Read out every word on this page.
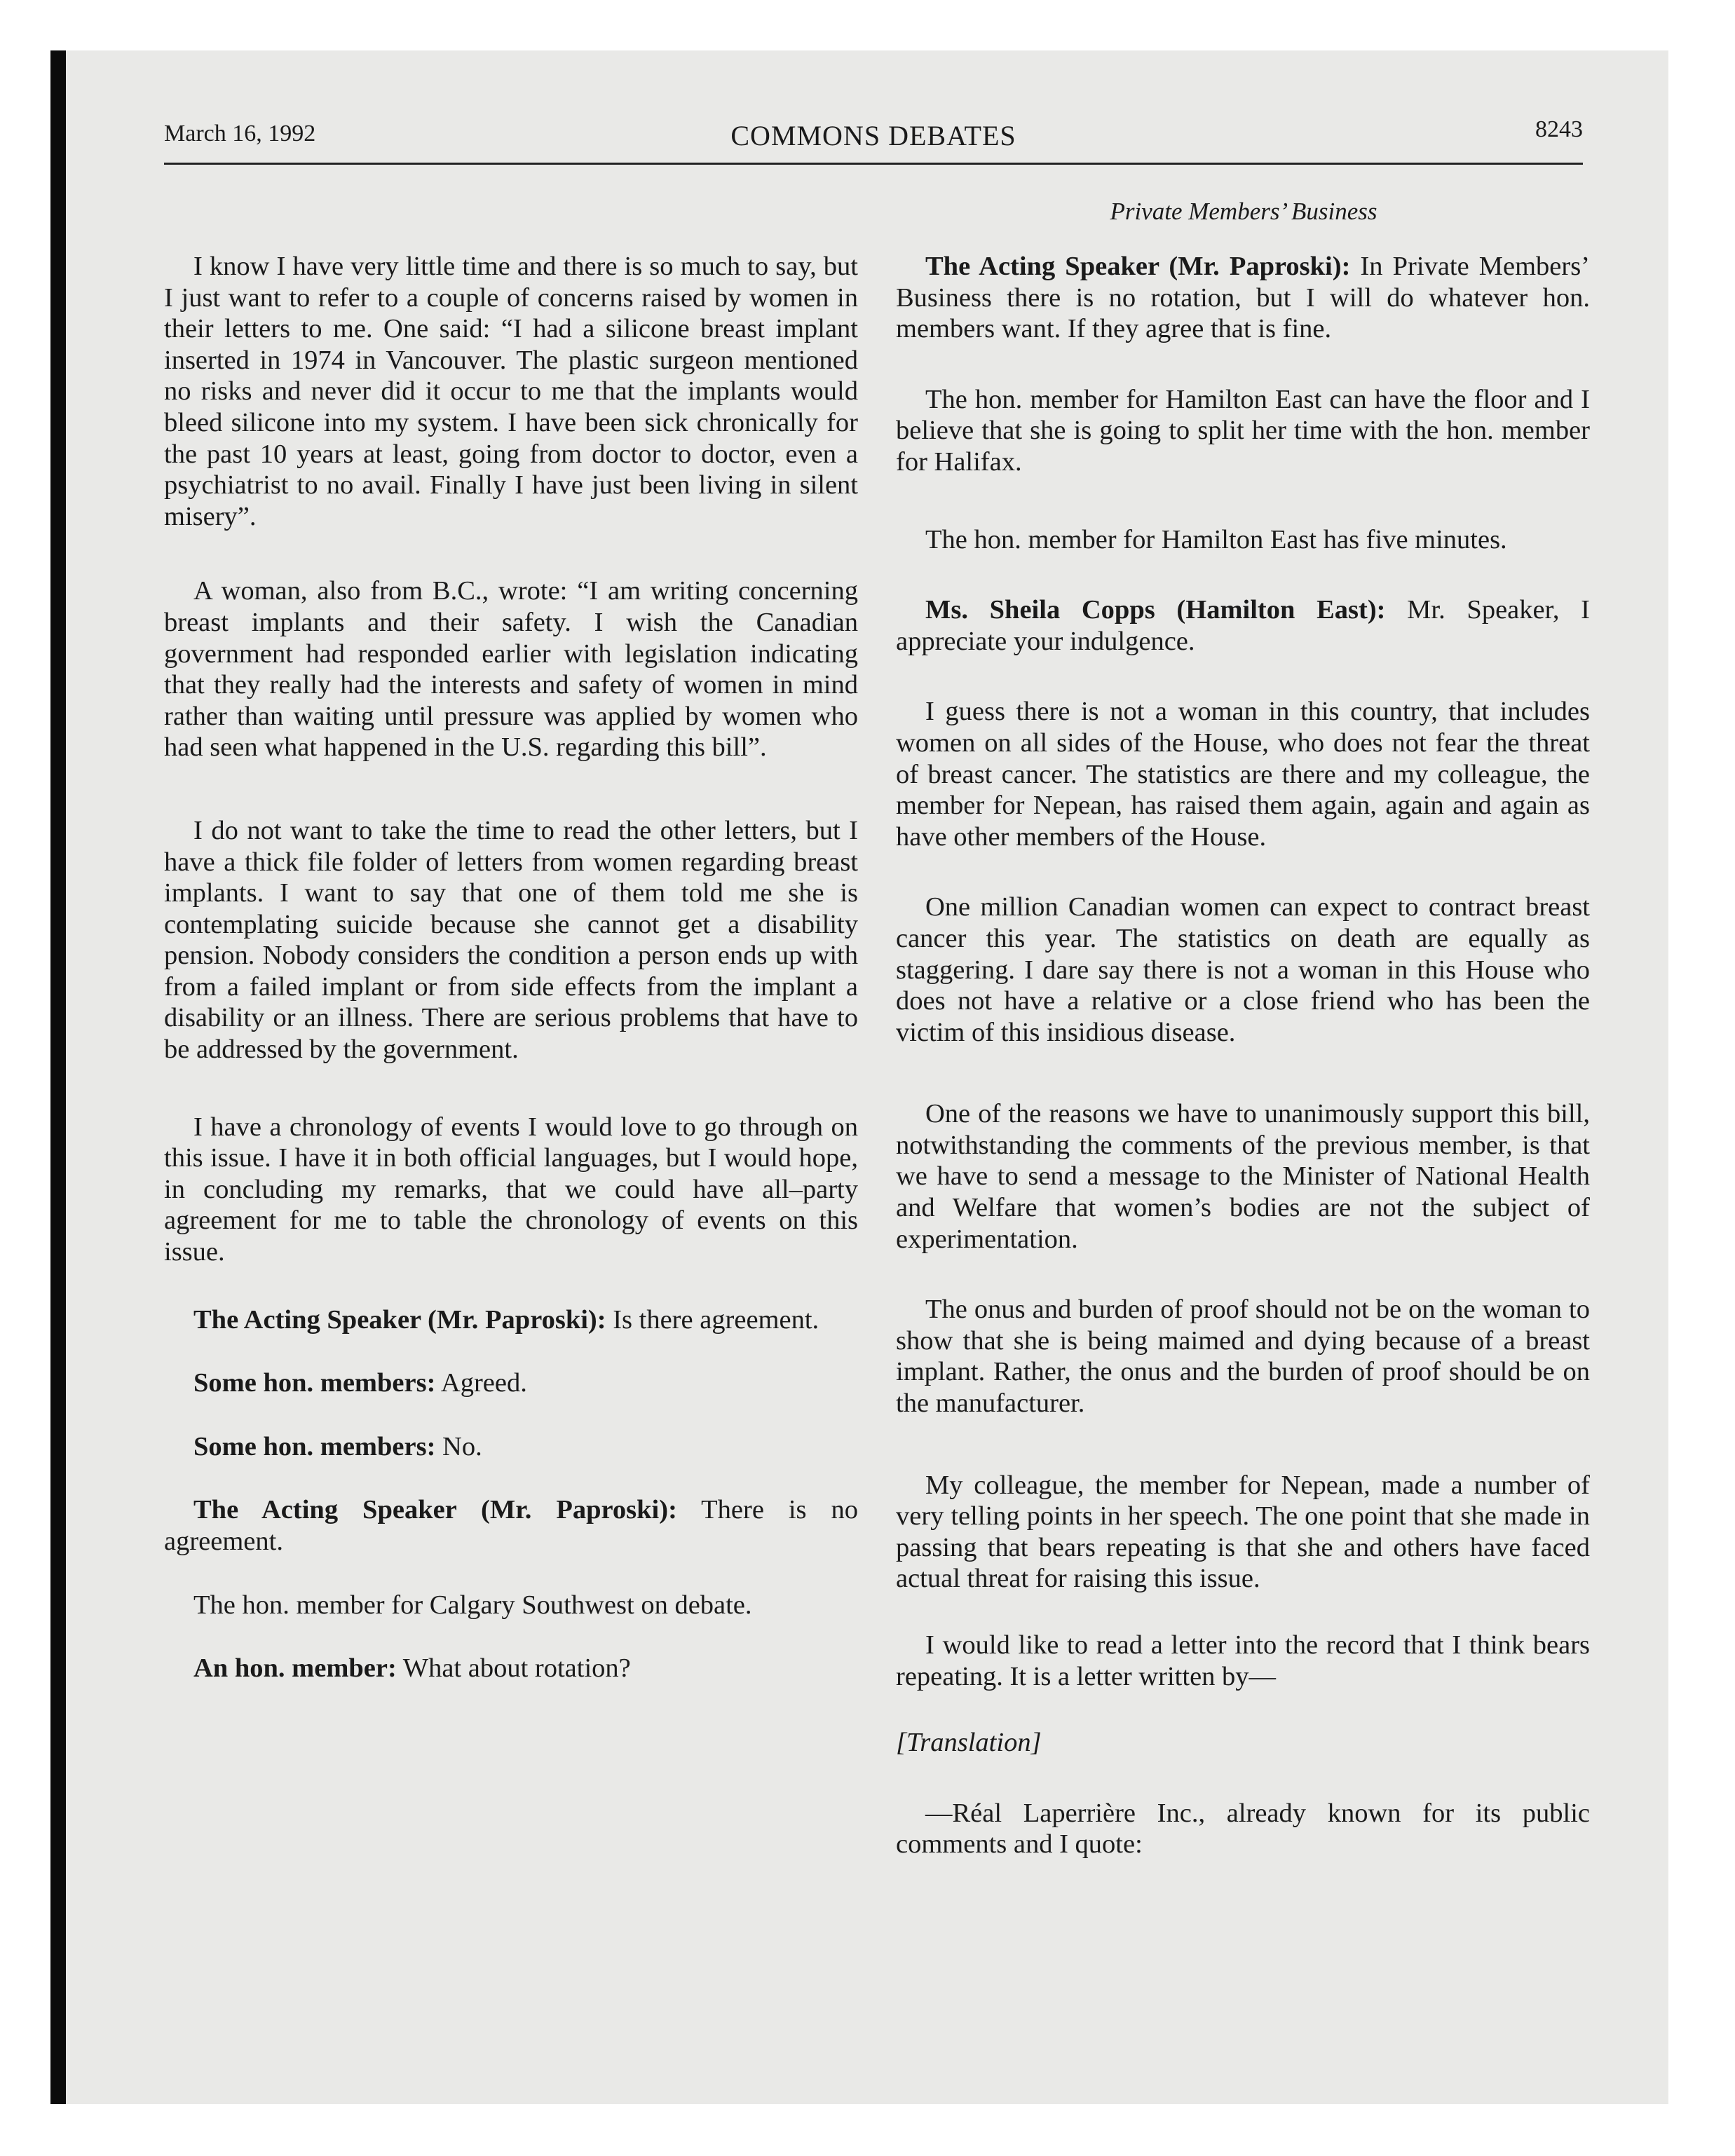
March 16, 1992	COMMONS DEBATES	8243
Private Members’ Business

I know I have very little time and there is so much to say, but I just want to refer to a couple of concerns raised by women in their letters to me. One said: “I had a silicone breast implant inserted in 1974 in Vancouver. The plastic surgeon mentioned no risks and never did it occur to me that the implants would bleed silicone into my system. I have been sick chronically for the past 10 years at least, going from doctor to doctor, even a psychiatrist to no avail. Finally I have just been living in silent misery”.

A woman, also from B.C., wrote: “I am writing concerning breast implants and their safety. I wish the Canadian government had responded earlier with legislation indicating that they really had the interests and safety of women in mind rather than waiting until pressure was applied by women who had seen what happened in the U.S. regarding this bill”.

I do not want to take the time to read the other letters, but I have a thick file folder of letters from women regarding breast implants. I want to say that one of them told me she is contemplating suicide because she cannot get a disability pension. Nobody considers the condition a person ends up with from a failed implant or from side effects from the implant a disability or an illness. There are serious problems that have to be addressed by the government.

I have a chronology of events I would love to go through on this issue. I have it in both official languages, but I would hope, in concluding my remarks, that we could have all–party agreement for me to table the chronology of events on this issue.

The Acting Speaker (Mr. Paproski): Is there agreement.

Some hon. members: Agreed.

Some hon. members: No.

The Acting Speaker (Mr. Paproski): There is no agreement.

The hon. member for Calgary Southwest on debate.

An hon. member: What about rotation?

The Acting Speaker (Mr. Paproski): In Private Members’ Business there is no rotation, but I will do whatever hon. members want. If they agree that is fine.

The hon. member for Hamilton East can have the floor and I believe that she is going to split her time with the hon. member for Halifax.

The hon. member for Hamilton East has five minutes.

Ms. Sheila Copps (Hamilton East): Mr. Speaker, I appreciate your indulgence.

I guess there is not a woman in this country, that includes women on all sides of the House, who does not fear the threat of breast cancer. The statistics are there and my colleague, the member for Nepean, has raised them again, again and again as have other members of the House.

One million Canadian women can expect to contract breast cancer this year. The statistics on death are equally as staggering. I dare say there is not a woman in this House who does not have a relative or a close friend who has been the victim of this insidious disease.

One of the reasons we have to unanimously support this bill, notwithstanding the comments of the previous member, is that we have to send a message to the Minister of National Health and Welfare that women’s bodies are not the subject of experimentation.

The onus and burden of proof should not be on the woman to show that she is being maimed and dying because of a breast implant. Rather, the onus and the burden of proof should be on the manufacturer.

My colleague, the member for Nepean, made a number of very telling points in her speech. The one point that she made in passing that bears repeating is that she and others have faced actual threat for raising this issue.

I would like to read a letter into the record that I think bears repeating. It is a letter written by—

[Translation]

—Réal Laperrière Inc., already known for its public comments and I quote:
